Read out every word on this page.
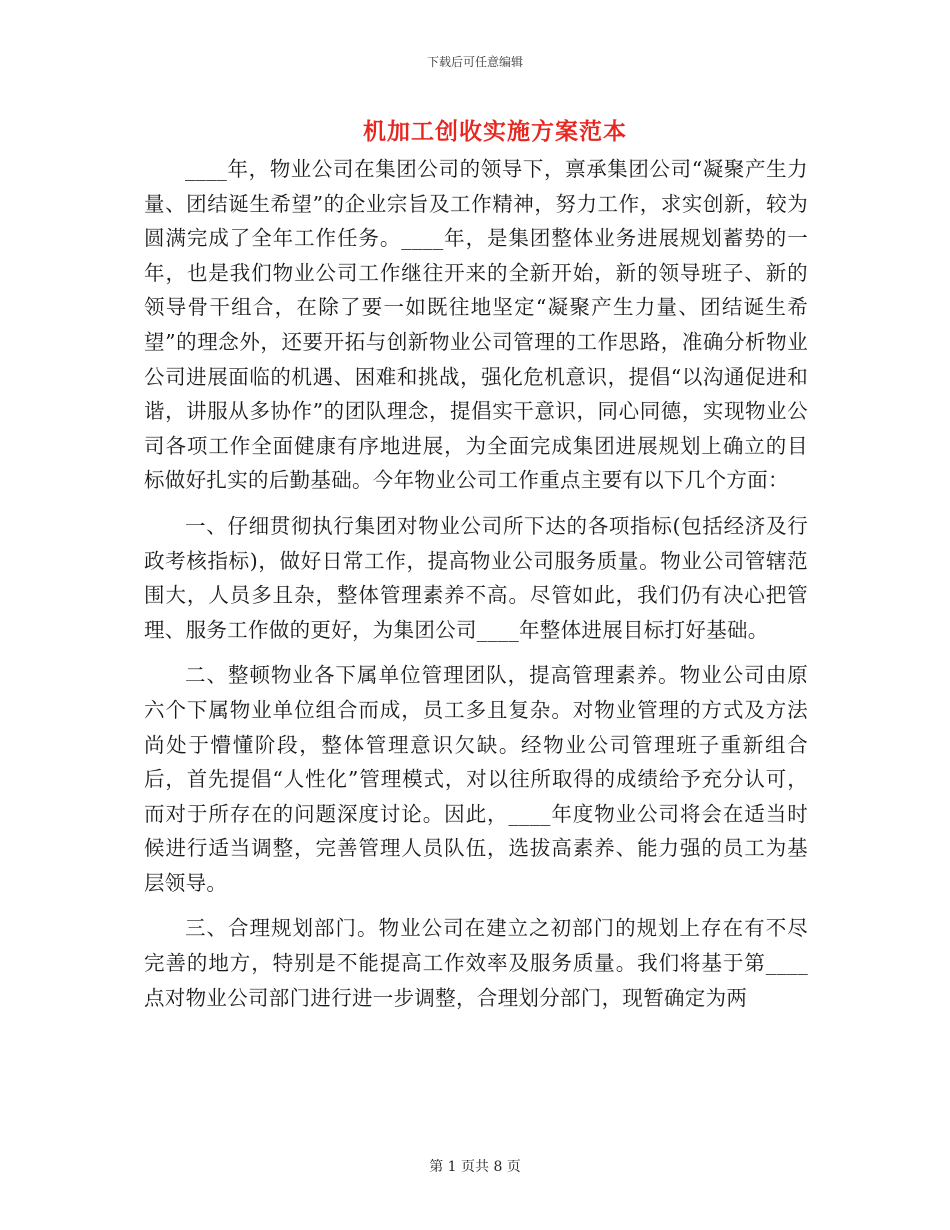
下载后可任意编辑
机加工创收实施方案范本

____年，物业公司在集团公司的领导下，禀承集团公司“凝聚产生力量、团结诞生希望”的企业宗旨及工作精神，努力工作，求实创新，较为圆满完成了全年工作任务。____年，是集团整体业务进展规划蓄势的一年，也是我们物业公司工作继往开来的全新开始，新的领导班子、新的领导骨干组合，在除了要一如既往地坚定“凝聚产生力量、团结诞生希望”的理念外，还要开拓与创新物业公司管理的工作思路，准确分析物业公司进展面临的机遇、困难和挑战，强化危机意识，提倡“以沟通促进和谐，讲服从多协作”的团队理念，提倡实干意识，同心同德，实现物业公司各项工作全面健康有序地进展，为全面完成集团进展规划上确立的目标做好扎实的后勤基础。今年物业公司工作重点主要有以下几个方面：

一、仔细贯彻执行集团对物业公司所下达的各项指标(包括经济及行政考核指标)，做好日常工作，提高物业公司服务质量。物业公司管辖范围大，人员多且杂，整体管理素养不高。尽管如此，我们仍有决心把管理、服务工作做的更好，为集团公司____年整体进展目标打好基础。

二、整顿物业各下属单位管理团队，提高管理素养。物业公司由原六个下属物业单位组合而成，员工多且复杂。对物业管理的方式及方法尚处于懵懂阶段，整体管理意识欠缺。经物业公司管理班子重新组合后，首先提倡“人性化”管理模式，对以往所取得的成绩给予充分认可，而对于所存在的问题深度讨论。因此，____年度物业公司将会在适当时候进行适当调整，完善管理人员队伍，选拔高素养、能力强的员工为基层领导。

三、合理规划部门。物业公司在建立之初部门的规划上存在有不尽完善的地方，特别是不能提高工作效率及服务质量。我们将基于第____点对物业公司部门进行进一步调整，合理划分部门，现暂确定为两

第 1 页共 8 页
